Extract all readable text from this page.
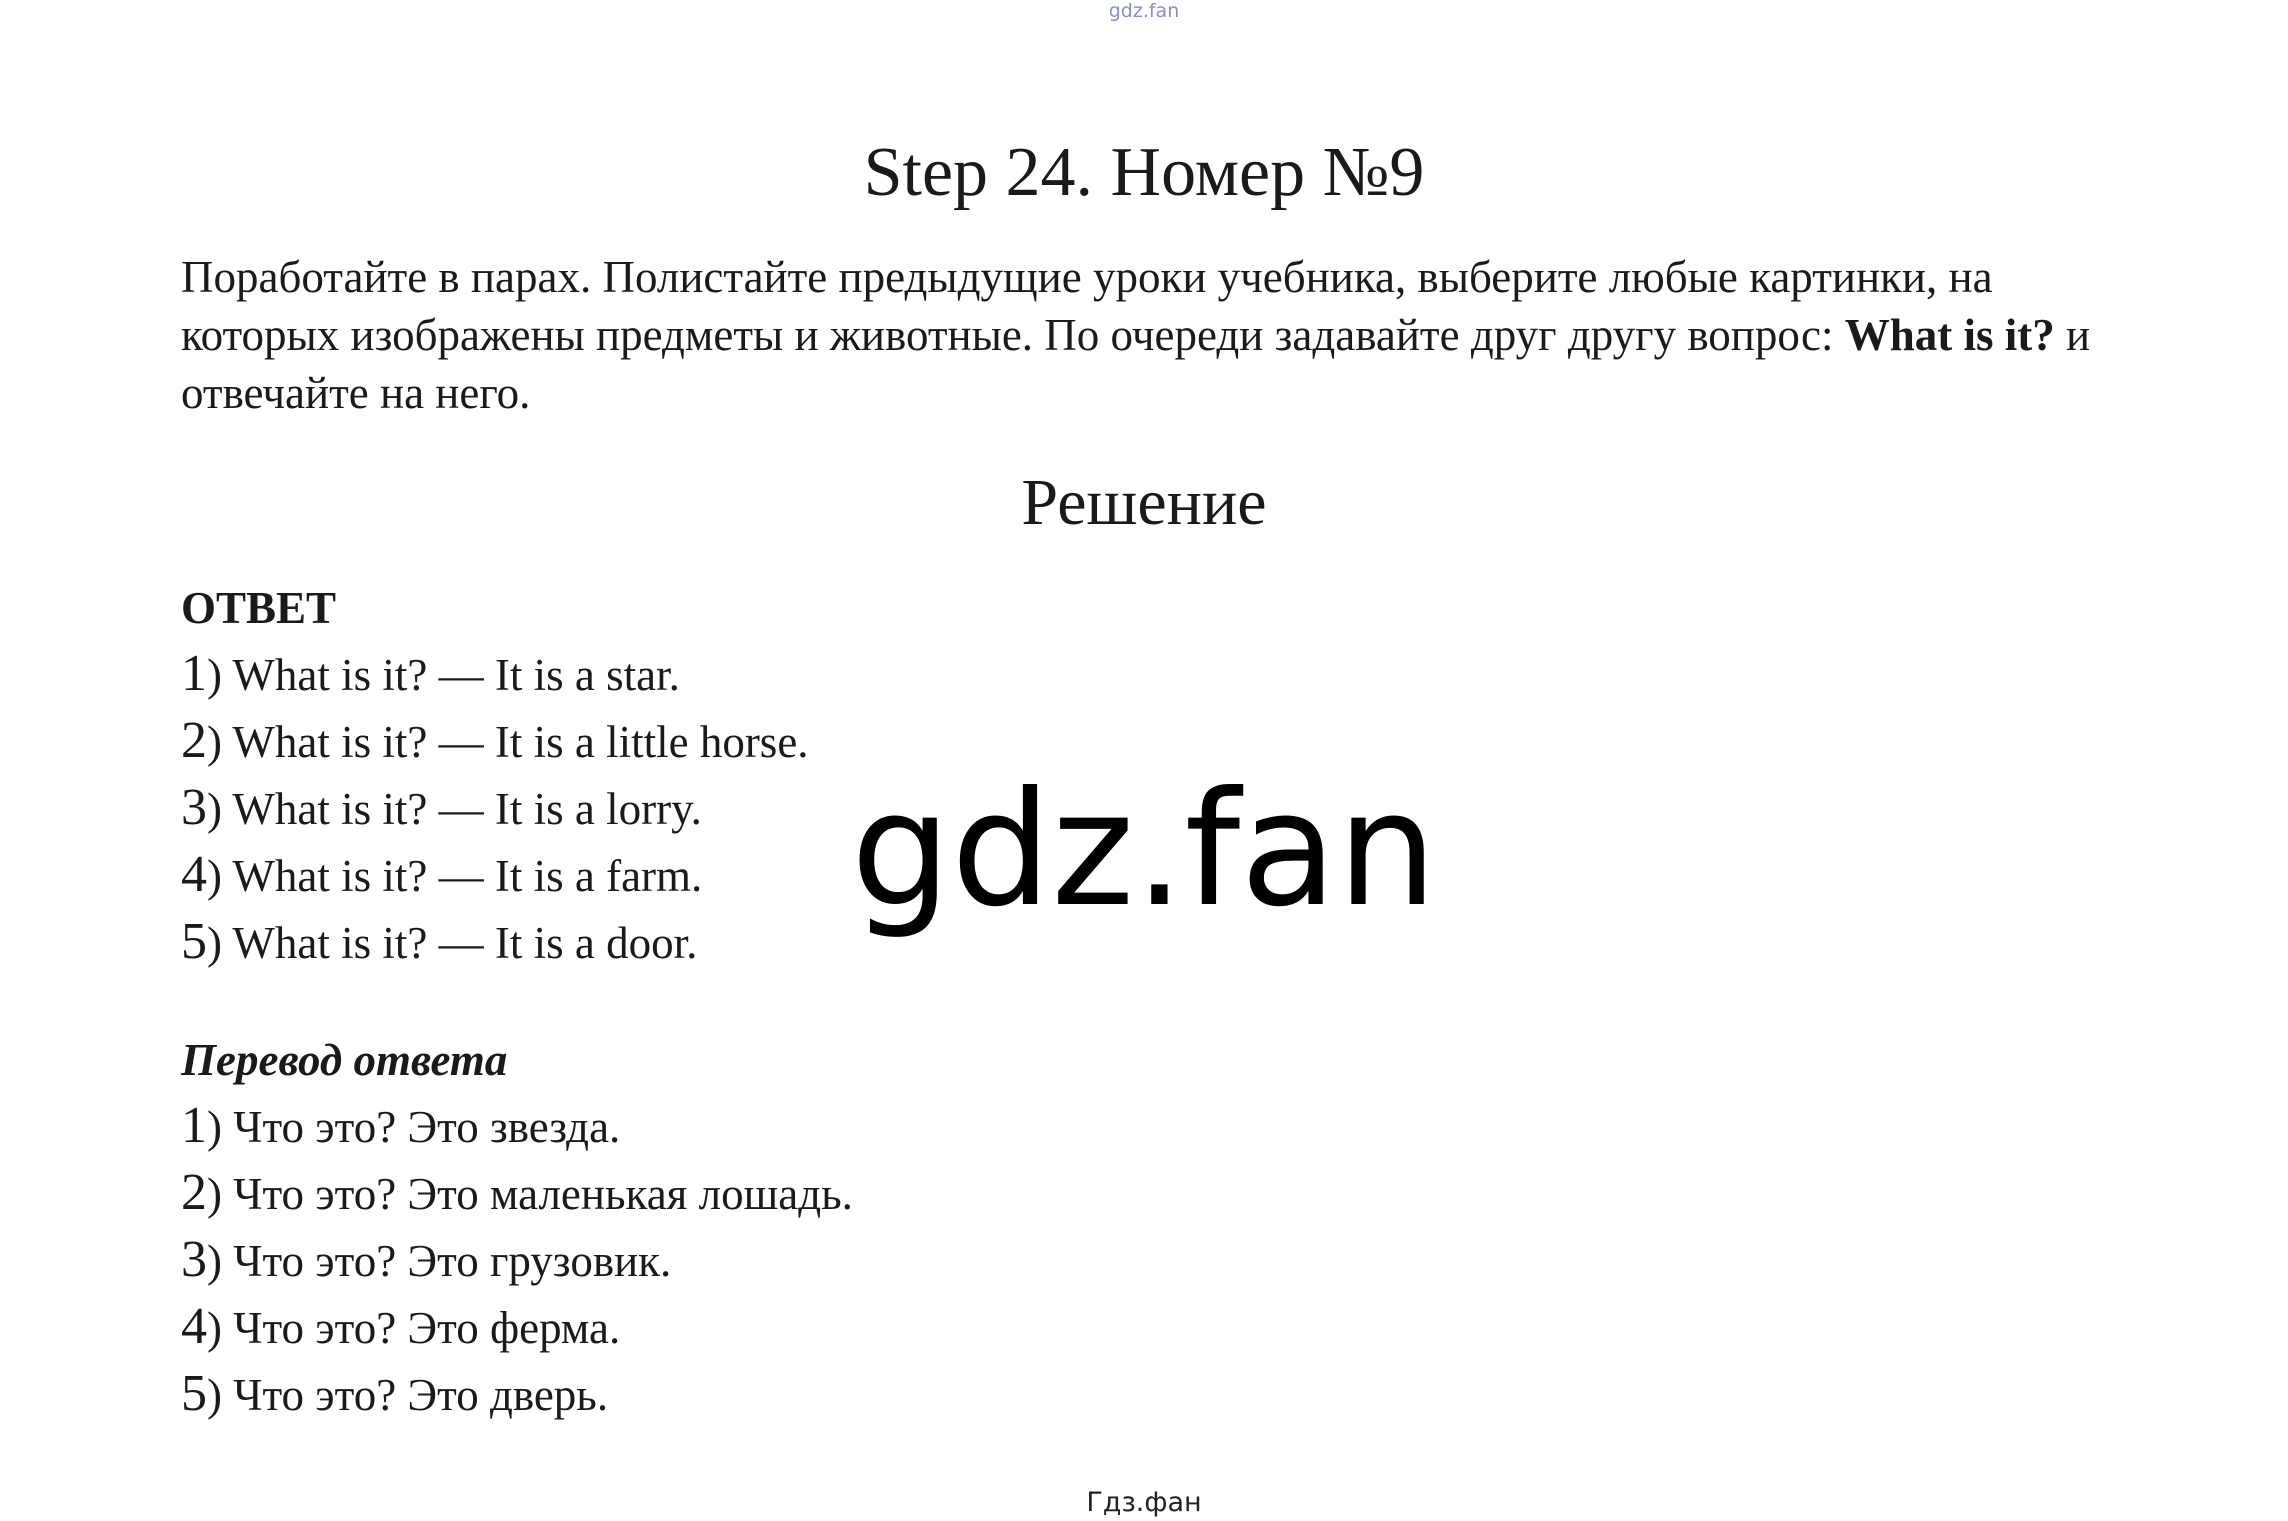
gdz.fan
Step 24. Номер №9
Поработайте в парах. Полистайте предыдущие уроки учебника, выберите любые картинки, на которых изображены предметы и животные. По очереди задавайте друг другу вопрос: What is it? и отвечайте на него.
Решение
ОТВЕТ
1) What is it? — It is a star.
2) What is it? — It is a little horse.
3) What is it? — It is a lorry.
4) What is it? — It is a farm.
5) What is it? — It is a door.
Перевод ответа
1) Что это? Это звезда.
2) Что это? Это маленькая лошадь.
3) Что это? Это грузовик.
4) Что это? Это ферма.
5) Что это? Это дверь.
gdz.fan
Гдз.фан
